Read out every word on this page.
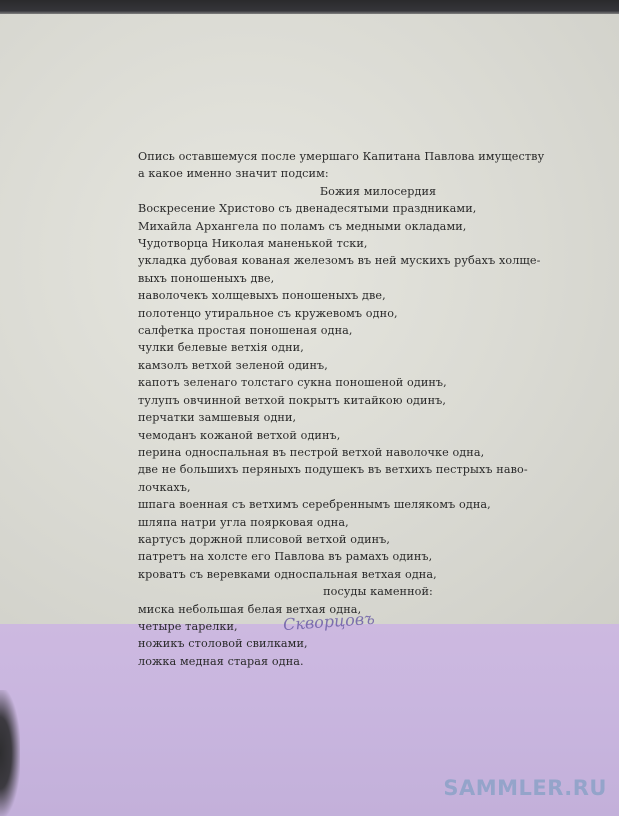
Опись оставшемуся после умершаго Капитана Павлова имуществу
а какое именно значит подсим:
Божия милосердия
Воскресение Христово съ двенадесятыми праздниками,
Михайла Архангела по поламъ съ медными окладами,
Чудотворца Николая маненькой тски,
укладка дубовая кованая железомъ въ ней мускихъ рубахъ холще-
выхъ поношеныхъ две,
наволочекъ холщевыхъ поношеныхъ две,
полотенцо утиральное съ кружевомъ одно,
салфетка простая поношеная одна,
чулки белевые ветхiя одни,
камзолъ ветхой зеленой одинъ,
капотъ зеленаго толстаго сукна поношеной одинъ,
тулупъ овчинной ветхой покрытъ китайкою одинъ,
перчатки замшевыя одни,
чемоданъ кожаной ветхой одинъ,
перина односпальная въ пестрой ветхой наволочке одна,
две не большихъ перяныхъ подушекъ въ ветхихъ пестрыхъ наво-
лочкахъ,
шпага военная съ ветхимъ серебреннымъ шелякомъ одна,
шляпа натри угла поярковая одна,
картусъ доржной плисовой ветхой одинъ,
патретъ на холсте его Павлова въ рамахъ одинъ,
кроватъ съ веревками односпальная ветхая одна,
посуды каменной:
миска небольшая белая ветхая одна,
четыре тарелки,
ножикъ столовой свилками,
ложка медная старая одна.
Скворцовъ
SAMMLER.RU
